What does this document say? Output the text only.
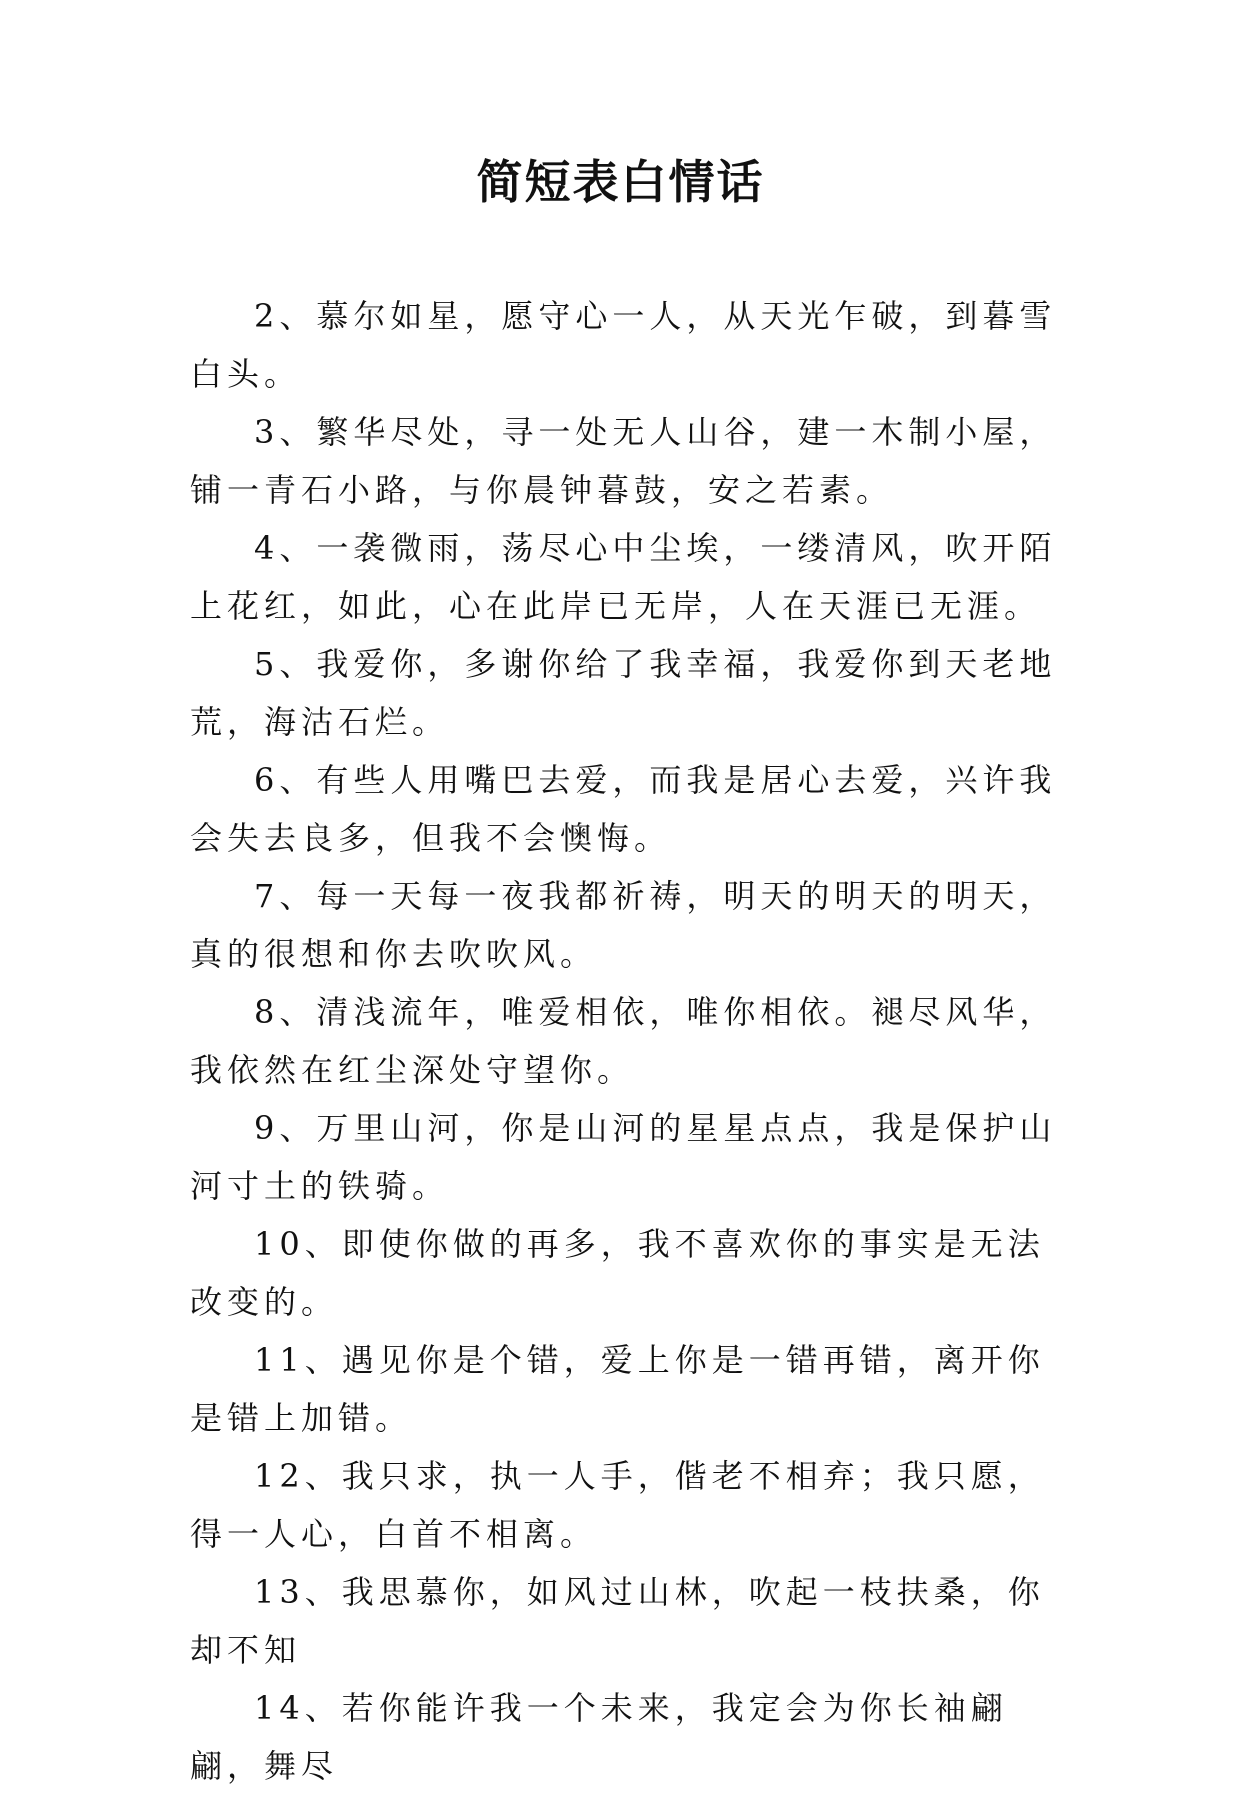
简短表白情话

2、慕尔如星，愿守心一人，从天光乍破，到暮雪白头。

3、繁华尽处，寻一处无人山谷，建一木制小屋，铺一青石小路，与你晨钟暮鼓，安之若素。

4、一袭微雨，荡尽心中尘埃，一缕清风，吹开陌上花红，如此，心在此岸已无岸，人在天涯已无涯。

5、我爱你，多谢你给了我幸福，我爱你到天老地荒，海沽石烂。

6、有些人用嘴巴去爱，而我是居心去爱，兴许我会失去良多，但我不会懊悔。

7、每一天每一夜我都祈祷，明天的明天的明天，真的很想和你去吹吹风。

8、清浅流年，唯爱相依，唯你相依。褪尽风华，我依然在红尘深处守望你。

9、万里山河，你是山河的星星点点，我是保护山河寸土的铁骑。

10、即使你做的再多，我不喜欢你的事实是无法改变的。

11、遇见你是个错，爱上你是一错再错，离开你是错上加错。

12、我只求，执一人手，偕老不相弃；我只愿，得一人心，白首不相离。

13、我思慕你，如风过山林，吹起一枝扶桑，你却不知

14、若你能许我一个未来，我定会为你长袖翩翩，舞尽
